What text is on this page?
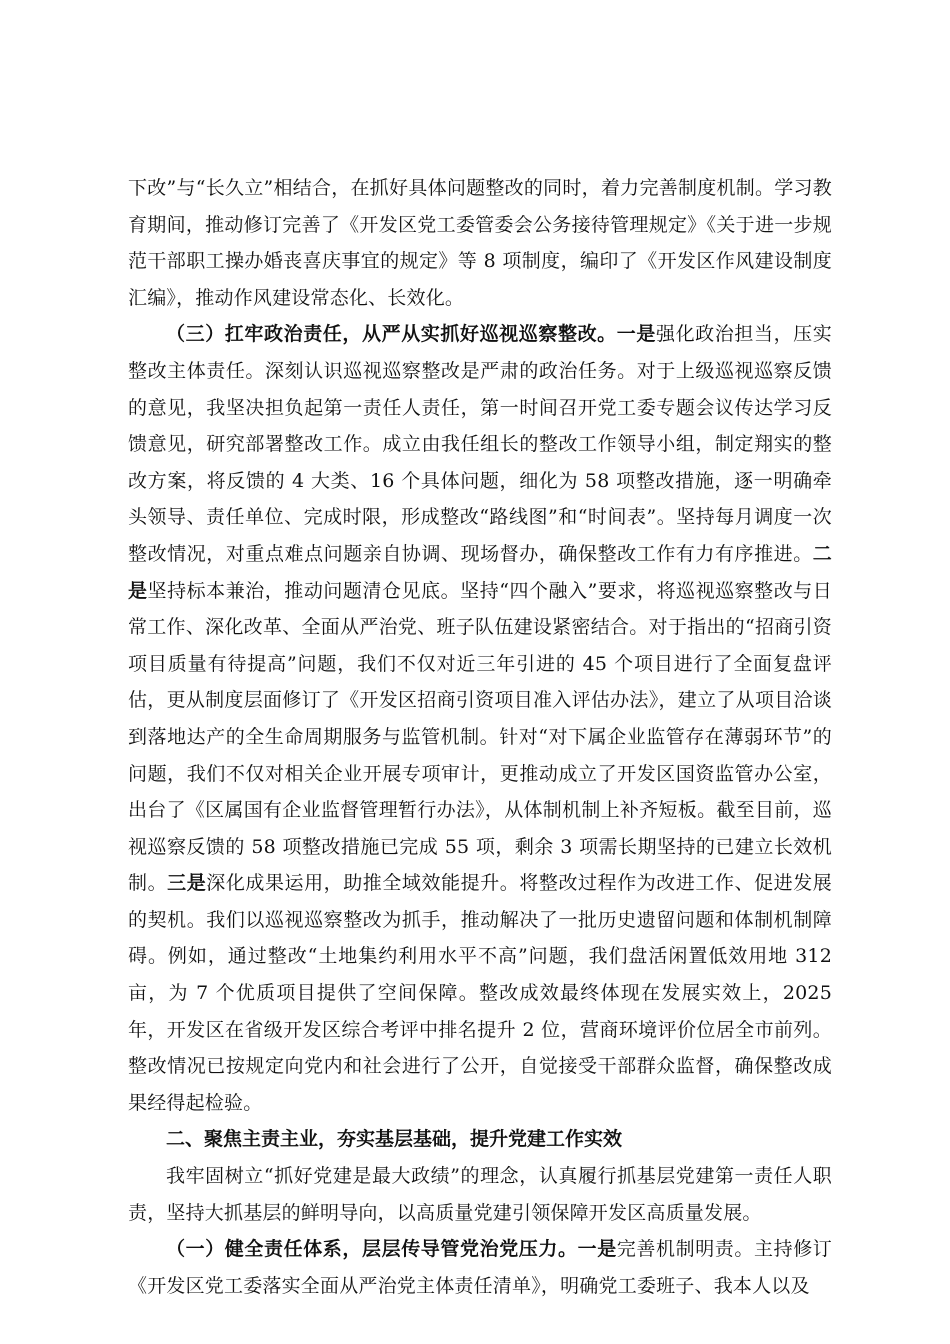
下改”与“长久立”相结合，在抓好具体问题整改的同时，着力完善制度机制。学习教育期间，推动修订完善了《开发区党工委管委会公务接待管理规定》《关于进一步规范干部职工操办婚丧喜庆事宜的规定》等 8 项制度，编印了《开发区作风建设制度汇编》，推动作风建设常态化、长效化。

（三）扛牢政治责任，从严从实抓好巡视巡察整改。一是强化政治担当，压实整改主体责任。深刻认识巡视巡察整改是严肃的政治任务。对于上级巡视巡察反馈的意见，我坚决担负起第一责任人责任，第一时间召开党工委专题会议传达学习反馈意见，研究部署整改工作。成立由我任组长的整改工作领导小组，制定翔实的整改方案，将反馈的 4 大类、16 个具体问题，细化为 58 项整改措施，逐一明确牵头领导、责任单位、完成时限，形成整改“路线图”和“时间表”。坚持每月调度一次整改情况，对重点难点问题亲自协调、现场督办，确保整改工作有力有序推进。二是坚持标本兼治，推动问题清仓见底。坚持“四个融入”要求，将巡视巡察整改与日常工作、深化改革、全面从严治党、班子队伍建设紧密结合。对于指出的“招商引资项目质量有待提高”问题，我们不仅对近三年引进的 45 个项目进行了全面复盘评估，更从制度层面修订了《开发区招商引资项目准入评估办法》，建立了从项目洽谈到落地达产的全生命周期服务与监管机制。针对“对下属企业监管存在薄弱环节”的问题，我们不仅对相关企业开展专项审计，更推动成立了开发区国资监管办公室，出台了《区属国有企业监督管理暂行办法》，从体制机制上补齐短板。截至目前，巡视巡察反馈的 58 项整改措施已完成 55 项，剩余 3 项需长期坚持的已建立长效机制。三是深化成果运用，助推全域效能提升。将整改过程作为改进工作、促进发展的契机。我们以巡视巡察整改为抓手，推动解决了一批历史遗留问题和体制机制障碍。例如，通过整改“土地集约利用水平不高”问题，我们盘活闲置低效用地 312 亩，为 7 个优质项目提供了空间保障。整改成效最终体现在发展实效上，2025 年，开发区在省级开发区综合考评中排名提升 2 位，营商环境评价位居全市前列。整改情况已按规定向党内和社会进行了公开，自觉接受干部群众监督，确保整改成果经得起检验。

二、聚焦主责主业，夯实基层基础，提升党建工作实效

我牢固树立“抓好党建是最大政绩”的理念，认真履行抓基层党建第一责任人职责，坚持大抓基层的鲜明导向，以高质量党建引领保障开发区高质量发展。

（一）健全责任体系，层层传导管党治党压力。一是完善机制明责。主持修订《开发区党工委落实全面从严治党主体责任清单》，明确党工委班子、我本人以及
